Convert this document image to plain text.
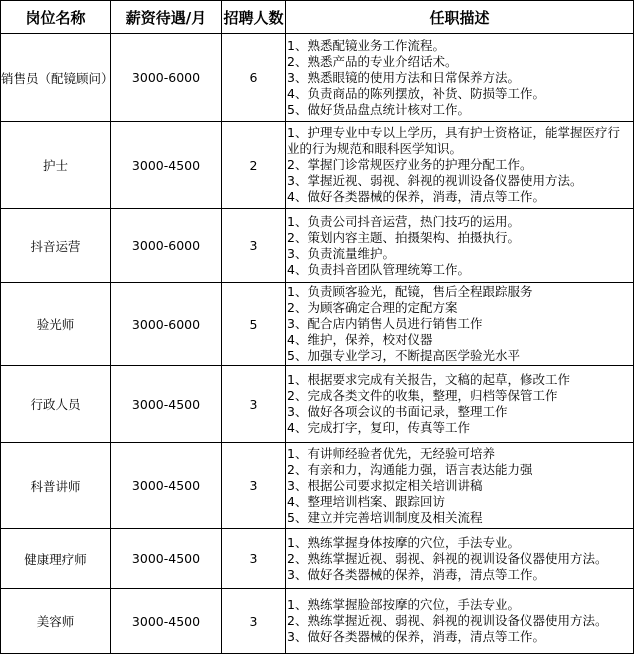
岗位名称	薪资待遇/月	招聘人数	任职描述
销售员（配镜顾问）	3000-6000	6	1、熟悉配镜业务工作流程。
2、熟悉产品的专业介绍话术。
3、熟悉眼镜的使用方法和日常保养方法。
4、负责商品的陈列摆放，补货、防损等工作。
5、做好货品盘点统计核对工作。

护士	3000-4500	2	1、护理专业中专以上学历，具有护士资格证，能掌握医疗行业的行为规范和眼科医学知识。
2、掌握门诊常规医疗业务的护理分配工作。
3、掌握近视、弱视、斜视的视训设备仪器使用方法。
4、做好各类器械的保养，消毒，清点等工作。

抖音运营	3000-6000	3	1、负责公司抖音运营，热门技巧的运用。
2、策划内容主题、拍摄架构、拍摄执行。
3、负责流量维护。
4、负责抖音团队管理统筹工作。

验光师	3000-6000	5	1、负责顾客验光，配镜，售后全程跟踪服务
2、为顾客确定合理的定配方案
3、配合店内销售人员进行销售工作
4、维护，保养，校对仪器
5、加强专业学习，不断提高医学验光水平

行政人员	3000-4500	3	1、根据要求完成有关报告，文稿的起草，修改工作
2、完成各类文件的收集，整理，归档等保管工作
3、做好各项会议的书面记录，整理工作
4、完成打字，复印，传真等工作

科普讲师	3000-4500	3	1、有讲师经验者优先，无经验可培养
2、有亲和力，沟通能力强，语言表达能力强
3、根据公司要求拟定相关培训讲稿
4、整理培训档案、跟踪回访
5、建立并完善培训制度及相关流程

健康理疗师	3000-4500	3	1、熟练掌握身体按摩的穴位，手法专业。
2、熟练掌握近视、弱视、斜视的视训设备仪器使用方法。
3、做好各类器械的保养，消毒，清点等工作。

美容师	3000-4500	3	1、熟练掌握脸部按摩的穴位，手法专业。
2、熟练掌握近视、弱视、斜视的视训设备仪器使用方法。
3、做好各类器械的保养，消毒，清点等工作。
